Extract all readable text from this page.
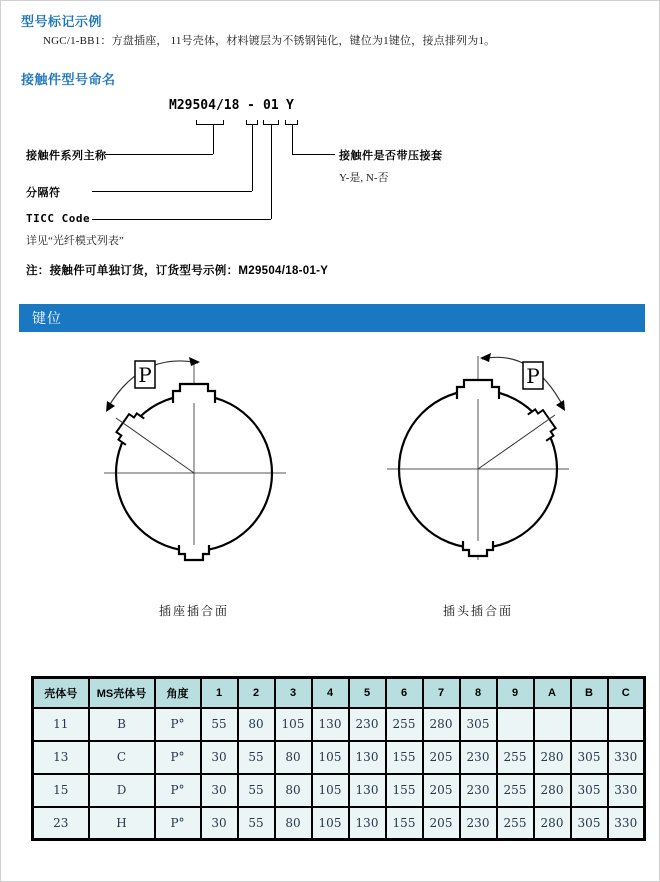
型号标记示例
NGC/1-BB1：方盘插座， 11号壳体，材料镀层为不锈钢钝化，键位为1键位，接点排列为1。
接触件型号命名
M29504/18 - 01 Y
接触件系列主称
分隔符
TICC Code
详见“光纤模式列表”
接触件是否带压接套
Y-是, N-否
注：接触件可单独订货，订货型号示例：M29504/18-01-Y
键位
P	P
插座插合面	插头插合面
壳体号	MS壳体号	角度	1	2	3	4	5	6	7	8	9	A	B	C
11	B	P°	55	80	105	130	230	255	280	305				
13	C	P°	30	55	80	105	130	155	205	230	255	280	305	330
15	D	P°	30	55	80	105	130	155	205	230	255	280	305	330
23	H	P°	30	55	80	105	130	155	205	230	255	280	305	330
